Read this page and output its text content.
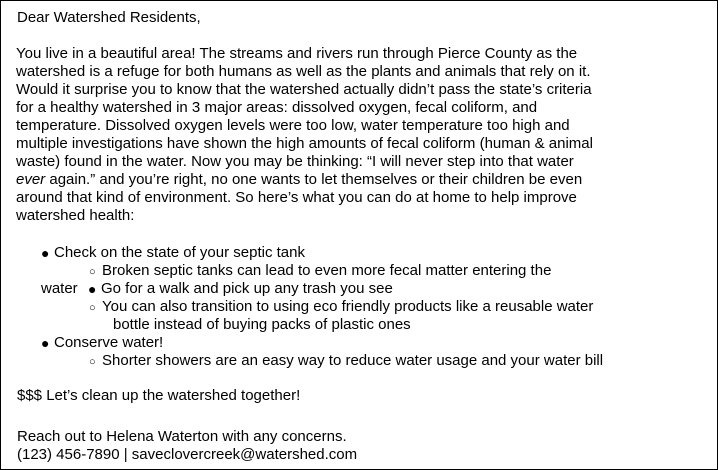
Dear Watershed Residents,

You live in a beautiful area! The streams and rivers run through Pierce County as the

watershed is a refuge for both humans as well as the plants and animals that rely on it.

Would it surprise you to know that the watershed actually didn’t pass the state’s criteria

for a healthy watershed in 3 major areas: dissolved oxygen, fecal coliform, and

temperature. Dissolved oxygen levels were too low, water temperature too high and

multiple investigations have shown the high amounts of fecal coliform (human & animal

waste) found in the water. Now you may be thinking: “I will never step into that water

ever again.” and you’re right, no one wants to let themselves or their children be even

around that kind of environment. So here’s what you can do at home to help improve

watershed health:

● Check on the state of your septic tank

○ Broken septic tanks can lead to even more fecal matter entering the

water ● Go for a walk and pick up any trash you see

○ You can also transition to using eco friendly products like a reusable water

bottle instead of buying packs of plastic ones

● Conserve water!

○ Shorter showers are an easy way to reduce water usage and your water bill

$$$ Let’s clean up the watershed together!

Reach out to Helena Waterton with any concerns.

(123) 456-7890 | saveclovercreek@watershed.com
